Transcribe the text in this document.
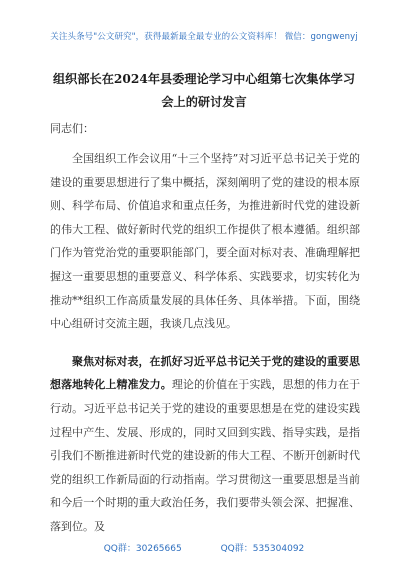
关注头条号"公文研究"，获得最新最全最专业的公文资料库！ 微信：gongwenyj
组织部长在2024年县委理论学习中心组第七次集体学习会上的研讨发言
同志们：

全国组织工作会议用“十三个坚持”对习近平总书记关于党的建设的重要思想进行了集中概括，深刻阐明了党的建设的根本原则、科学布局、价值追求和重点任务，为推进新时代党的建设新的伟大工程、做好新时代党的组织工作提供了根本遵循。组织部门作为管党治党的重要职能部门，要全面对标对表、准确理解把握这一重要思想的重要意义、科学体系、实践要求，切实转化为推动**组织工作高质量发展的具体任务、具体举措。下面，围绕中心组研讨交流主题，我谈几点浅见。

聚焦对标对表，在抓好习近平总书记关于党的建设的重要思想落地转化上精准发力。理论的价值在于实践，思想的伟力在于行动。习近平总书记关于党的建设的重要思想是在党的建设实践过程中产生、发展、形成的，同时又回到实践、指导实践，是指引我们不断推进新时代党的建设新的伟大工程、不断开创新时代党的组织工作新局面的行动指南。学习贯彻这一重要思想是当前和今后一个时期的重大政治任务，我们要带头领会深、把握准、落到位。及

QQ群：30265665	QQ群：535304092
